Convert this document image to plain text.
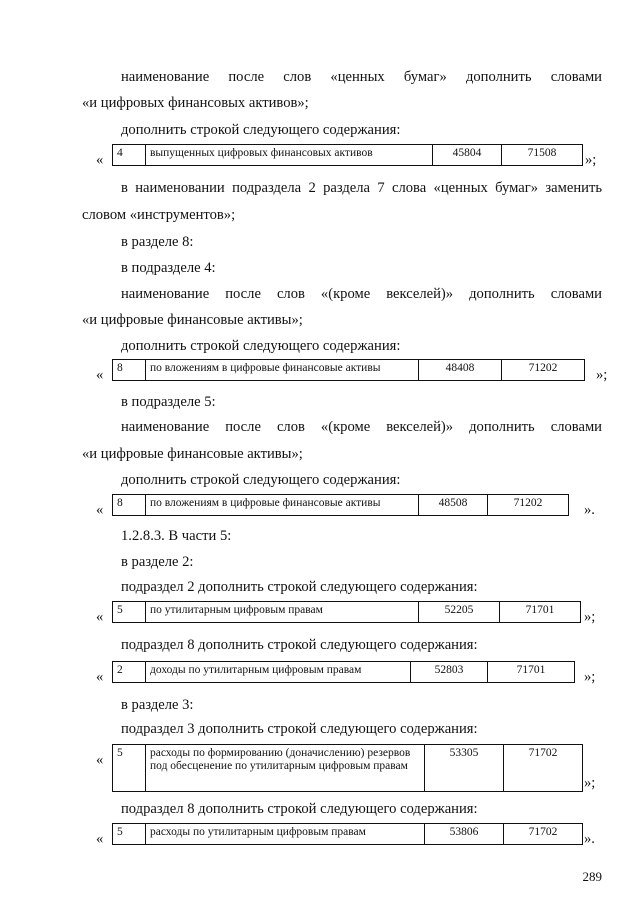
наименование после слов «ценных бумаг» дополнить словами
«и цифровых финансовых активов»;
дополнить строкой следующего содержания:
« 4	выпущенных цифровых финансовых активов	45804	71508 »;
в наименовании подраздела 2 раздела 7 слова «ценных бумаг» заменить
словом «инструментов»;
в разделе 8:
в подразделе 4:
наименование после слов «(кроме векселей)» дополнить словами
«и цифровые финансовые активы»;
дополнить строкой следующего содержания:
« 8	по вложениям в цифровые финансовые активы	48408	71202	»;
в подразделе 5:
наименование после слов «(кроме векселей)» дополнить словами
«и цифровые финансовые активы»;
дополнить строкой следующего содержания:
« 8	по вложениям в цифровые финансовые активы	48508	71202	».
1.2.8.3. В части 5:
в разделе 2:
подраздел 2 дополнить строкой следующего содержания:
« 5	по утилитарным цифровым правам	52205	71701 »;
подраздел 8 дополнить строкой следующего содержания:
« 2	доходы по утилитарным цифровым правам	52803	71701	»;
в разделе 3:
подраздел 3 дополнить строкой следующего содержания:
« 5	расходы по формированию (доначислению) резервов под обесценение по утилитарным цифровым правам	53305	71702
»;
подраздел 8 дополнить строкой следующего содержания:
« 5	расходы по утилитарным цифровым правам	53806	71702 ».
289
